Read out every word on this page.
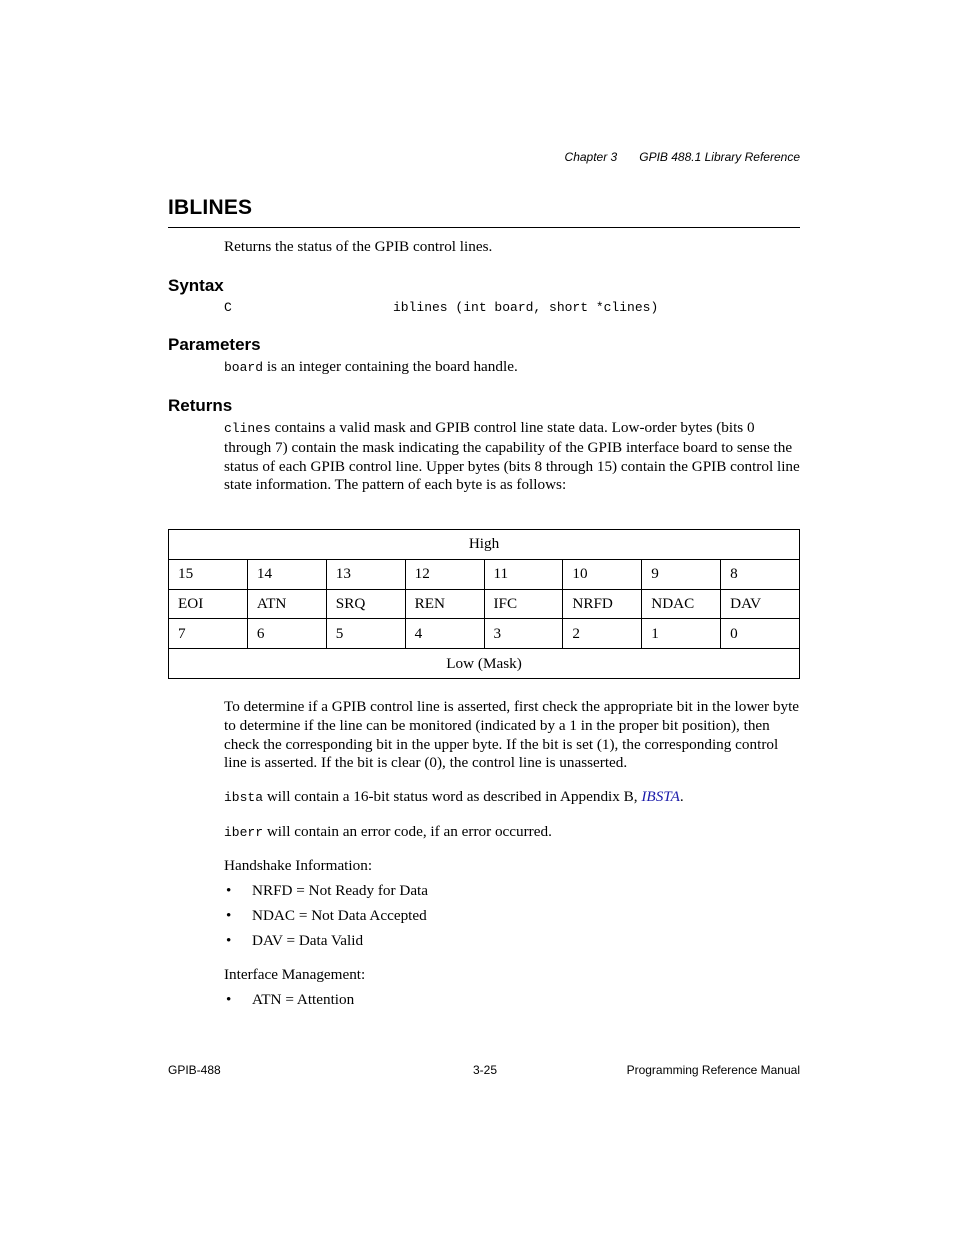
Chapter 3 GPIB 488.1 Library Reference
IBLINES
Returns the status of the GPIB control lines.
Syntax
C	iblines (int board, short *clines)
Parameters
board is an integer containing the board handle.
Returns
clines contains a valid mask and GPIB control line state data. Low-order bytes (bits 0 through 7) contain the mask indicating the capability of the GPIB interface board to sense the status of each GPIB control line. Upper bytes (bits 8 through 15) contain the GPIB control line state information. The pattern of each byte is as follows:
High							
15	14	13	12	11	10	9	8
EOI	ATN	SRQ	REN	IFC	NRFD	NDAC	DAV
7	6	5	4	3	2	1	0
Low (Mask)							
To determine if a GPIB control line is asserted, first check the appropriate bit in the lower byte to determine if the line can be monitored (indicated by a 1 in the proper bit position), then check the corresponding bit in the upper byte. If the bit is set (1), the corresponding control line is asserted. If the bit is clear (0), the control line is unasserted.
ibsta will contain a 16-bit status word as described in Appendix B, IBSTA.
iberr will contain an error code, if an error occurred.
Handshake Information:
• NRFD = Not Ready for Data
• NDAC = Not Data Accepted
• DAV = Data Valid
Interface Management:
• ATN = Attention
GPIB-488	3-25	Programming Reference Manual
